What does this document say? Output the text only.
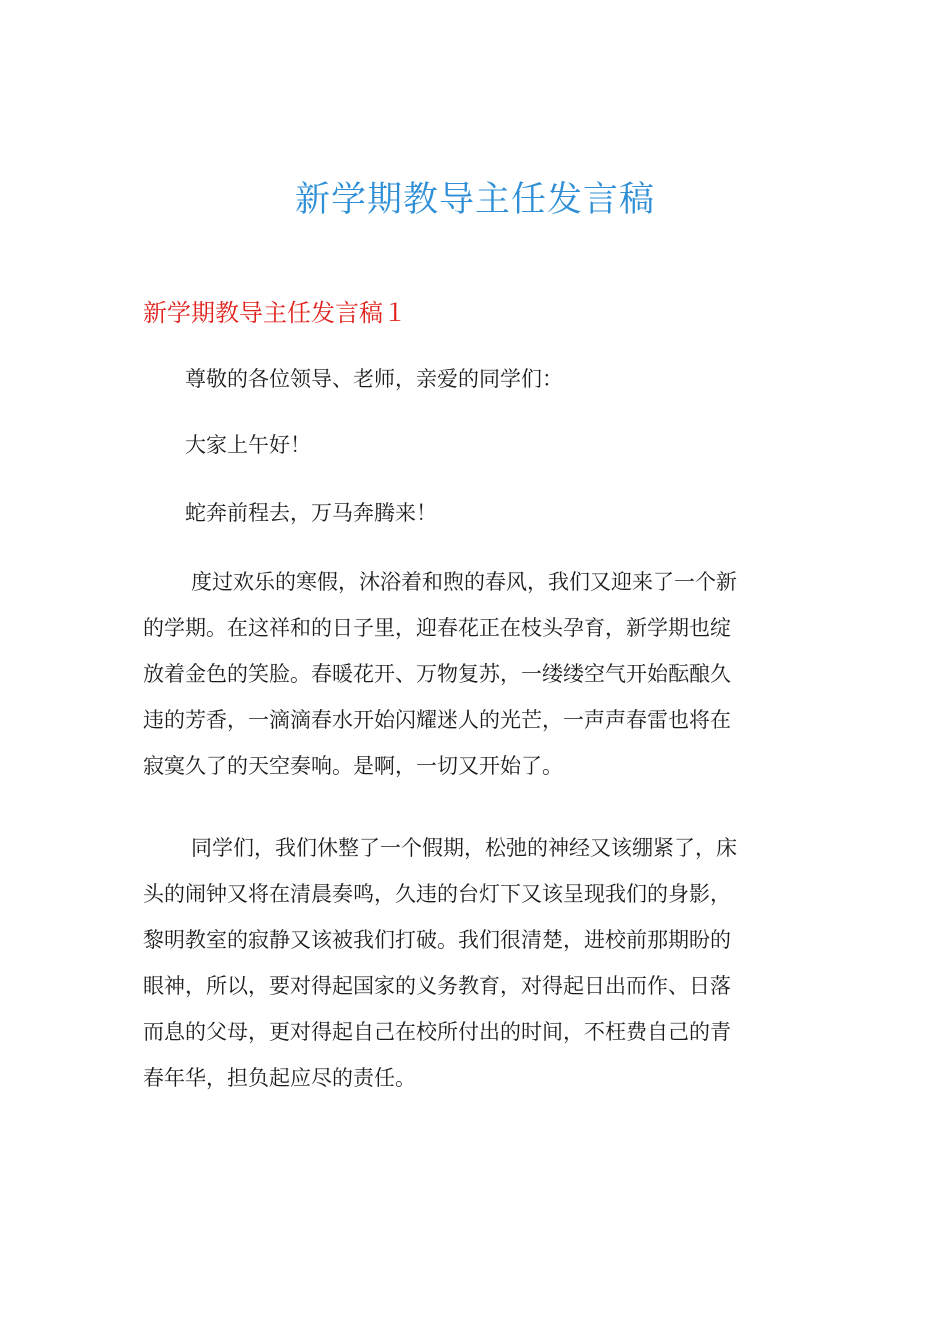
新学期教导主任发言稿
新学期教导主任发言稿１

尊敬的各位领导、老师，亲爱的同学们：

大家上午好！

蛇奔前程去，万马奔腾来！

度过欢乐的寒假，沐浴着和煦的春风，我们又迎来了一个新
的学期。在这祥和的日子里，迎春花正在枝头孕育，新学期也绽
放着金色的笑脸。春暖花开、万物复苏，一缕缕空气开始酝酿久
违的芳香，一滴滴春水开始闪耀迷人的光芒，一声声春雷也将在
寂寞久了的天空奏响。是啊，一切又开始了。
同学们，我们休整了一个假期，松弛的神经又该绷紧了，床
头的闹钟又将在清晨奏鸣，久违的台灯下又该呈现我们的身影，
黎明教室的寂静又该被我们打破。我们很清楚，进校前那期盼的
眼神，所以，要对得起国家的义务教育，对得起日出而作、日落
而息的父母，更对得起自己在校所付出的时间，不枉费自己的青
春年华，担负起应尽的责任。
